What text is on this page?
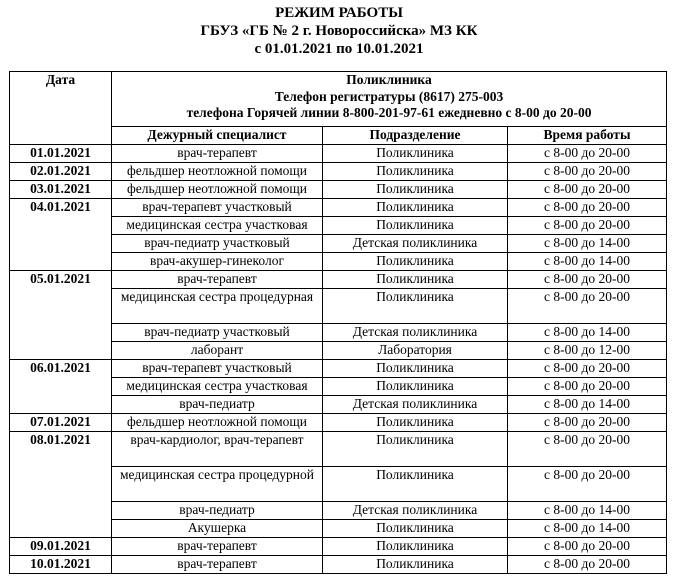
РЕЖИМ РАБОТЫ
ГБУЗ «ГБ № 2 г. Новороссийска» МЗ КК
с 01.01.2021 по 10.01.2021
Дата	Поликлиника
Телефон регистратуры (8617) 275-003
телефона Горячей линии 8-800-201-97-61 ежедневно с 8-00 до 20-00		

	Дежурный специалист	Подразделение	Время работы
01.01.2021	врач-терапевт	Поликлиника	с 8-00 до 20-00
02.01.2021	фельдшер неотложной помощи	Поликлиника	с 8-00 до 20-00
03.01.2021	фельдшер неотложной помощи	Поликлиника	с 8-00 до 20-00
04.01.2021	врач-терапевт участковый	Поликлиника	с 8-00 до 20-00
	медицинская сестра участковая	Поликлиника	с 8-00 до 20-00
	врач-педиатр участковый	Детская поликлиника	с 8-00 до 14-00
	врач-акушер-гинеколог	Поликлиника	с 8-00 до 14-00
05.01.2021	врач-терапевт	Поликлиника	с 8-00 до 20-00
	медицинская сестра процедурная	Поликлиника	с 8-00 до 20-00
	врач-педиатр участковый	Детская поликлиника	с 8-00 до 14-00
	лаборант	Лаборатория	с 8-00 до 12-00
06.01.2021	врач-терапевт участковый	Поликлиника	с 8-00 до 20-00
	медицинская сестра участковая	Поликлиника	с 8-00 до 20-00
	врач-педиатр	Детская поликлиника	с 8-00 до 14-00
07.01.2021	фельдшер неотложной помощи	Поликлиника	с 8-00 до 20-00
08.01.2021	врач-кардиолог, врач-терапевт	Поликлиника	с 8-00 до 20-00
	медицинская сестра процедурной	Поликлиника	с 8-00 до 20-00
	врач-педиатр	Детская поликлиника	с 8-00 до 14-00
	Акушерка	Поликлиника	с 8-00 до 14-00
09.01.2021	врач-терапевт	Поликлиника	с 8-00 до 20-00
10.01.2021	врач-терапевт	Поликлиника	с 8-00 до 20-00
